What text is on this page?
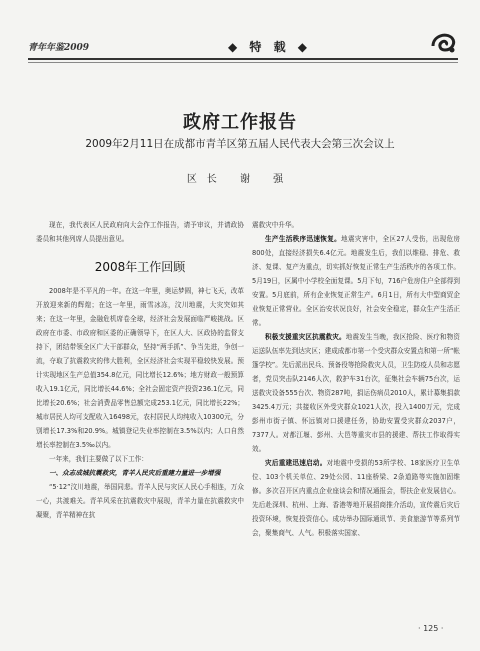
青年年鉴2009	◆ 特 载 ◆
政府工作报告
2009年2月11日在成都市青羊区第五届人民代表大会第三次会议上
区长 谢 强

现在，我代表区人民政府向大会作工作报告，请予审议，并请政协委员和其他列席人员提出意见。

2008年工作回顾

2008年是不平凡的一年。在这一年里，奥运梦圆，神七飞天，改革开放迎来新的辉煌；在这一年里，雨雪冰冻，汶川地震，大灾突如其来；在这一年里，金融危机席卷全球，经济社会发展面临严峻挑战。区政府在市委、市政府和区委的正确领导下，在区人大、区政协的监督支持下，团结带领全区广大干部群众，坚持“两手抓”、争当先进，争创一流，夺取了抗震救灾的伟大胜利，全区经济社会实现平稳较快发展。预计实现地区生产总值354.8亿元，同比增长12.6%；地方财政一般预算收入19.1亿元，同比增长44.6%；全社会固定资产投资236.1亿元，同比增长20.6%；社会消费品零售总额完成253.1亿元，同比增长22%；城市居民人均可支配收入16498元，农村居民人均纯收入10300元，分别增长17.3%和20.9%。城镇登记失业率控制在3.5%以内；人口自然增长率控制在3.5‰以内。

一年来，我们主要做了以下工作：

一、众志成城抗震救灾，青羊人民灾后重建力量进一步增强

“5·12”汶川地震，举国同悲。青羊人民与灾区人民心手相连，万众一心，共渡难关。青羊风采在抗震救灾中展现，青羊力量在抗震救灾中凝聚，青羊精神在抗

震救灾中升华。

生产生活秩序迅速恢复。地震灾害中，全区27人受伤，出现危房800处，直接经济损失6.4亿元。地震发生后，我们以维稳、排危、救济、复课、复产为重点，切实抓好恢复正常生产生活秩序的各项工作。5月19日，区属中小学校全面复课。5月下旬，716户危房住户全部得到安置。5月底前，所有企业恢复正常生产。6月1日，所有大中型商贸企业恢复正常营业。全区治安状况良好，社会安全稳定，群众生产生活正常。

积极支援重灾区抗震救灾。地震发生当晚，我区抢险、医疗和物资运送队伍率先到达灾区；建成成都市第一个受灾群众安置点和第一所“帐篷学校”。先后派出民兵、预备役等抢险救灾人员，卫生防疫人员和志愿者，党员突击队2146人次，救护车31台次，征集社会车辆75台次，运送救灾设备555台次、物资287吨，捐运伤病员2010人，累计募集捐款3425.4万元；共接收区外受灾群众1021人次，投入1400万元，完成彭州市街子镇、怀远镇对口援建任务，协助安置受灾群众2037户，7377人。对都江堰、彭州、大邑等重灾市县的援建、帮扶工作取得实效。

灾后重建迅速启动。对地震中受损的53所学校、18家医疗卫生单位、103个机关单位、29处公园、11座桥梁、2条道路等实施加固维修。多次召开区内重点企业座谈会和情况通报会，帮扶企业发展信心。先后赴深圳、杭州、上海、香港等地开展招商推介活动，宣传震后灾后投资环境，恢复投资信心。成功举办国际通讯节、美食旅游节等系列节会，聚集商气、人气。积极落实国家、

· 125 ·
